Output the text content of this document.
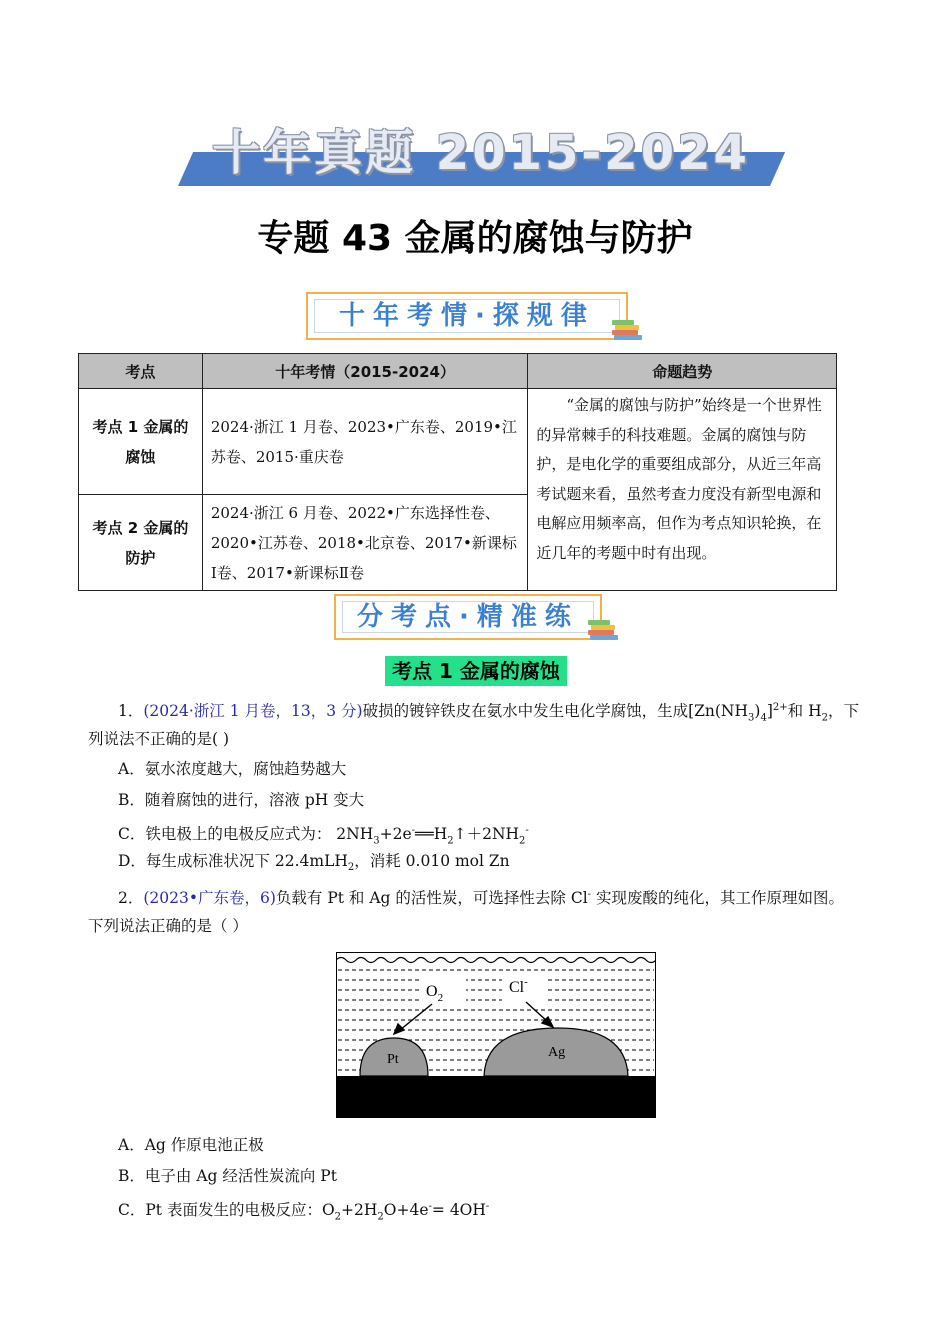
十年真题 2015-2024
专题 43 金属的腐蚀与防护
十年考情·探规律
考点	十年考情（2015-2024）	命题趋势

考点 1 金属的
腐蚀	2024·浙江 1 月卷、2023•广东卷、2019•江苏卷、2015·重庆卷	“金属的腐蚀与防护”始终是一个世界性的异常棘手的科技难题。金属的腐蚀与防护，是电化学的重要组成部分，从近三年高考试题来看，虽然考查力度没有新型电源和电解应用频率高，但作为考点知识轮换，在近几年的考题中时有出现。

考点 2 金属的
防护	2024·浙江 6 月卷、2022•广东选择性卷、2020•江苏卷、2018•北京卷、2017•新课标Ⅰ卷、2017•新课标Ⅱ卷	
分考点·精准练
考点 1 金属的腐蚀
1．(2024·浙江 1 月卷，13，3 分)破损的镀锌铁皮在氨水中发生电化学腐蚀，生成$[Zn(NH_3)_4]^{2+}$和 $H_2$，下
列说法不正确的是( )
A．氨水浓度越大，腐蚀趋势越大
B．随着腐蚀的进行，溶液 pH 变大
C．铁电极上的电极反应式为： $2NH_3+2e^-══H_2↑+2NH_2^-$
D．每生成标准状况下 22.4mLH$_2$，消耗 0.010 mol Zn
2．(2023•广东卷，6)负载有 Pt 和 Ag 的活性炭，可选择性去除 Cl- 实现废酸的纯化，其工作原理如图。
下列说法正确的是（ ）
$O_2$
Cl-
Pt	Ag
A．Ag 作原电池正极
B．电子由 Ag 经活性炭流向 Pt
C．Pt 表面发生的电极反应：$O_2+2H_2O+4e^-= 4OH^-$
